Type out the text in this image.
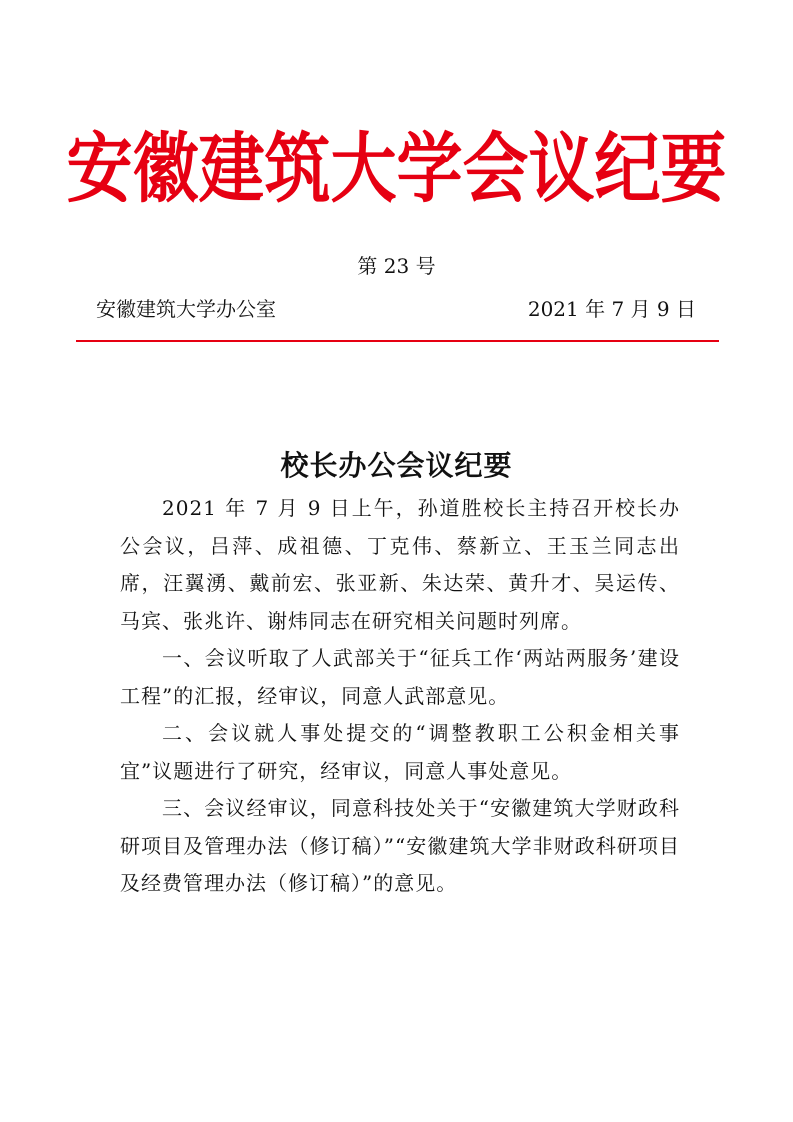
安徽建筑大学会议纪要
第 23 号
安徽建筑大学办公室	2021 年 7 月 9 日
校长办公会议纪要

2021 年 7 月 9 日上午，孙道胜校长主持召开校长办公会议，吕萍、成祖德、丁克伟、蔡新立、王玉兰同志出席，汪翼湧、戴前宏、张亚新、朱达荣、黄升才、吴运传、马宾、张兆许、谢炜同志在研究相关问题时列席。

一、会议听取了人武部关于“征兵工作‘两站两服务’建设工程”的汇报，经审议，同意人武部意见。

二、会议就人事处提交的“调整教职工公积金相关事宜”议题进行了研究，经审议，同意人事处意见。

三、会议经审议，同意科技处关于“安徽建筑大学财政科研项目及管理办法（修订稿）”“安徽建筑大学非财政科研项目及经费管理办法（修订稿）”的意见。
